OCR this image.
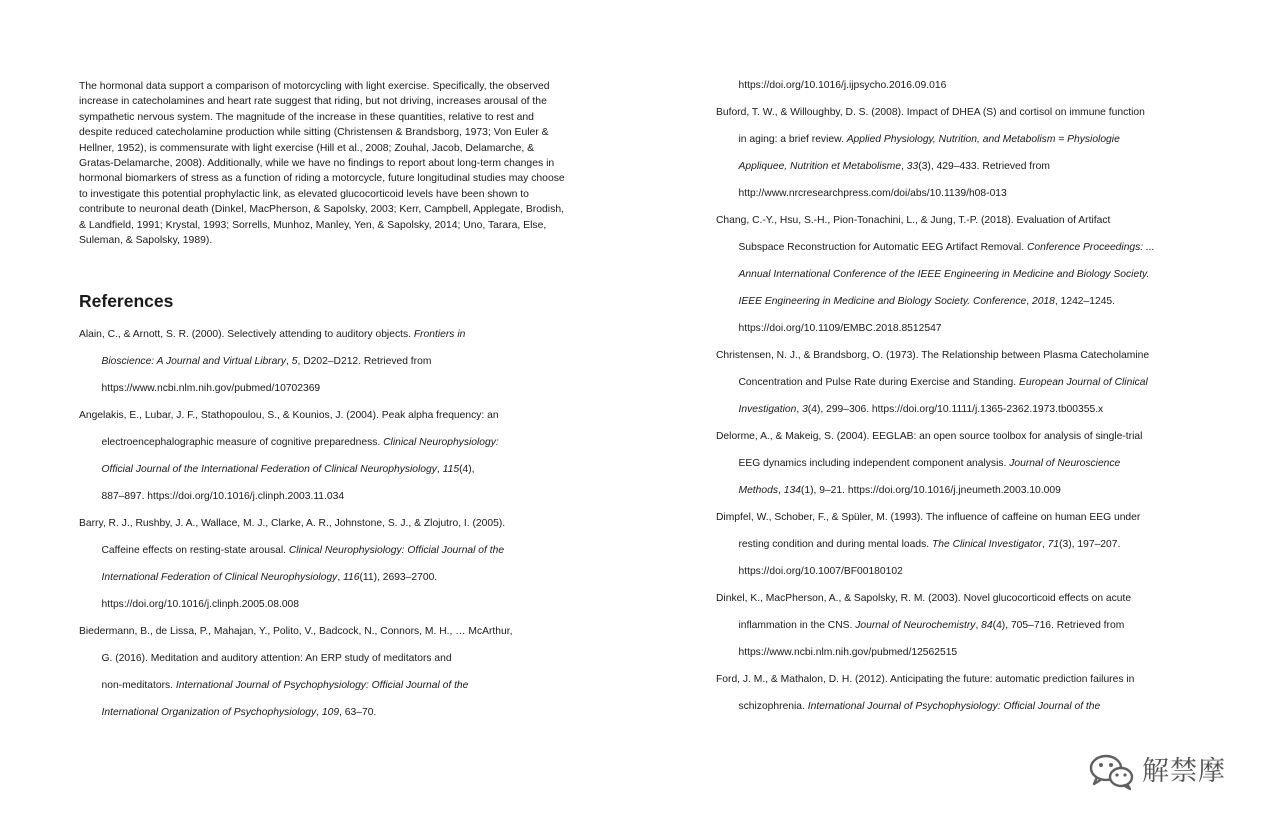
The hormonal data support a comparison of motorcycling with light exercise. Specifically, the observed increase in catecholamines and heart rate suggest that riding, but not driving, increases arousal of the sympathetic nervous system. The magnitude of the increase in these quantities, relative to rest and despite reduced catecholamine production while sitting (Christensen & Brandsborg, 1973; Von Euler & Hellner, 1952), is commensurate with light exercise (Hill et al., 2008; Zouhal, Jacob, Delamarche, & Gratas-Delamarche, 2008). Additionally, while we have no findings to report about long-term changes in hormonal biomarkers of stress as a function of riding a motorcycle, future longitudinal studies may choose to investigate this potential prophylactic link, as elevated glucocorticoid levels have been shown to contribute to neuronal death (Dinkel, MacPherson, & Sapolsky, 2003; Kerr, Campbell, Applegate, Brodish, & Landfield, 1991; Krystal, 1993; Sorrells, Munhoz, Manley, Yen, & Sapolsky, 2014; Uno, Tarara, Else, Suleman, & Sapolsky, 1989).

References

Alain, C., & Arnott, S. R. (2000). Selectively attending to auditory objects. Frontiers in
Bioscience: A Journal and Virtual Library, 5, D202–D212. Retrieved from
https://www.ncbi.nlm.nih.gov/pubmed/10702369

Angelakis, E., Lubar, J. F., Stathopoulou, S., & Kounios, J. (2004). Peak alpha frequency: an
electroencephalographic measure of cognitive preparedness. Clinical Neurophysiology:
Official Journal of the International Federation of Clinical Neurophysiology, 115(4),
887–897. https://doi.org/10.1016/j.clinph.2003.11.034

Barry, R. J., Rushby, J. A., Wallace, M. J., Clarke, A. R., Johnstone, S. J., & Zlojutro, I. (2005).
Caffeine effects on resting-state arousal. Clinical Neurophysiology: Official Journal of the
International Federation of Clinical Neurophysiology, 116(11), 2693–2700.
https://doi.org/10.1016/j.clinph.2005.08.008

Biedermann, B., de Lissa, P., Mahajan, Y., Polito, V., Badcock, N., Connors, M. H., … McArthur,
G. (2016). Meditation and auditory attention: An ERP study of meditators and
non-meditators. International Journal of Psychophysiology: Official Journal of the
International Organization of Psychophysiology, 109, 63–70.

https://doi.org/10.1016/j.ijpsycho.2016.09.016

Buford, T. W., & Willoughby, D. S. (2008). Impact of DHEA (S) and cortisol on immune function
in aging: a brief review. Applied Physiology, Nutrition, and Metabolism = Physiologie
Appliquee, Nutrition et Metabolisme, 33(3), 429–433. Retrieved from
http://www.nrcresearchpress.com/doi/abs/10.1139/h08-013

Chang, C.-Y., Hsu, S.-H., Pion-Tonachini, L., & Jung, T.-P. (2018). Evaluation of Artifact
Subspace Reconstruction for Automatic EEG Artifact Removal. Conference Proceedings: ...
Annual International Conference of the IEEE Engineering in Medicine and Biology Society.
IEEE Engineering in Medicine and Biology Society. Conference, 2018, 1242–1245.
https://doi.org/10.1109/EMBC.2018.8512547

Christensen, N. J., & Brandsborg, O. (1973). The Relationship between Plasma Catecholamine
Concentration and Pulse Rate during Exercise and Standing. European Journal of Clinical
Investigation, 3(4), 299–306. https://doi.org/10.1111/j.1365-2362.1973.tb00355.x

Delorme, A., & Makeig, S. (2004). EEGLAB: an open source toolbox for analysis of single-trial
EEG dynamics including independent component analysis. Journal of Neuroscience
Methods, 134(1), 9–21. https://doi.org/10.1016/j.jneumeth.2003.10.009

Dimpfel, W., Schober, F., & Spüler, M. (1993). The influence of caffeine on human EEG under
resting condition and during mental loads. The Clinical Investigator, 71(3), 197–207.
https://doi.org/10.1007/BF00180102

Dinkel, K., MacPherson, A., & Sapolsky, R. M. (2003). Novel glucocorticoid effects on acute
inflammation in the CNS. Journal of Neurochemistry, 84(4), 705–716. Retrieved from
https://www.ncbi.nlm.nih.gov/pubmed/12562515

Ford, J. M., & Mathalon, D. H. (2012). Anticipating the future: automatic prediction failures in
schizophrenia. International Journal of Psychophysiology: Official Journal of the

解禁摩
